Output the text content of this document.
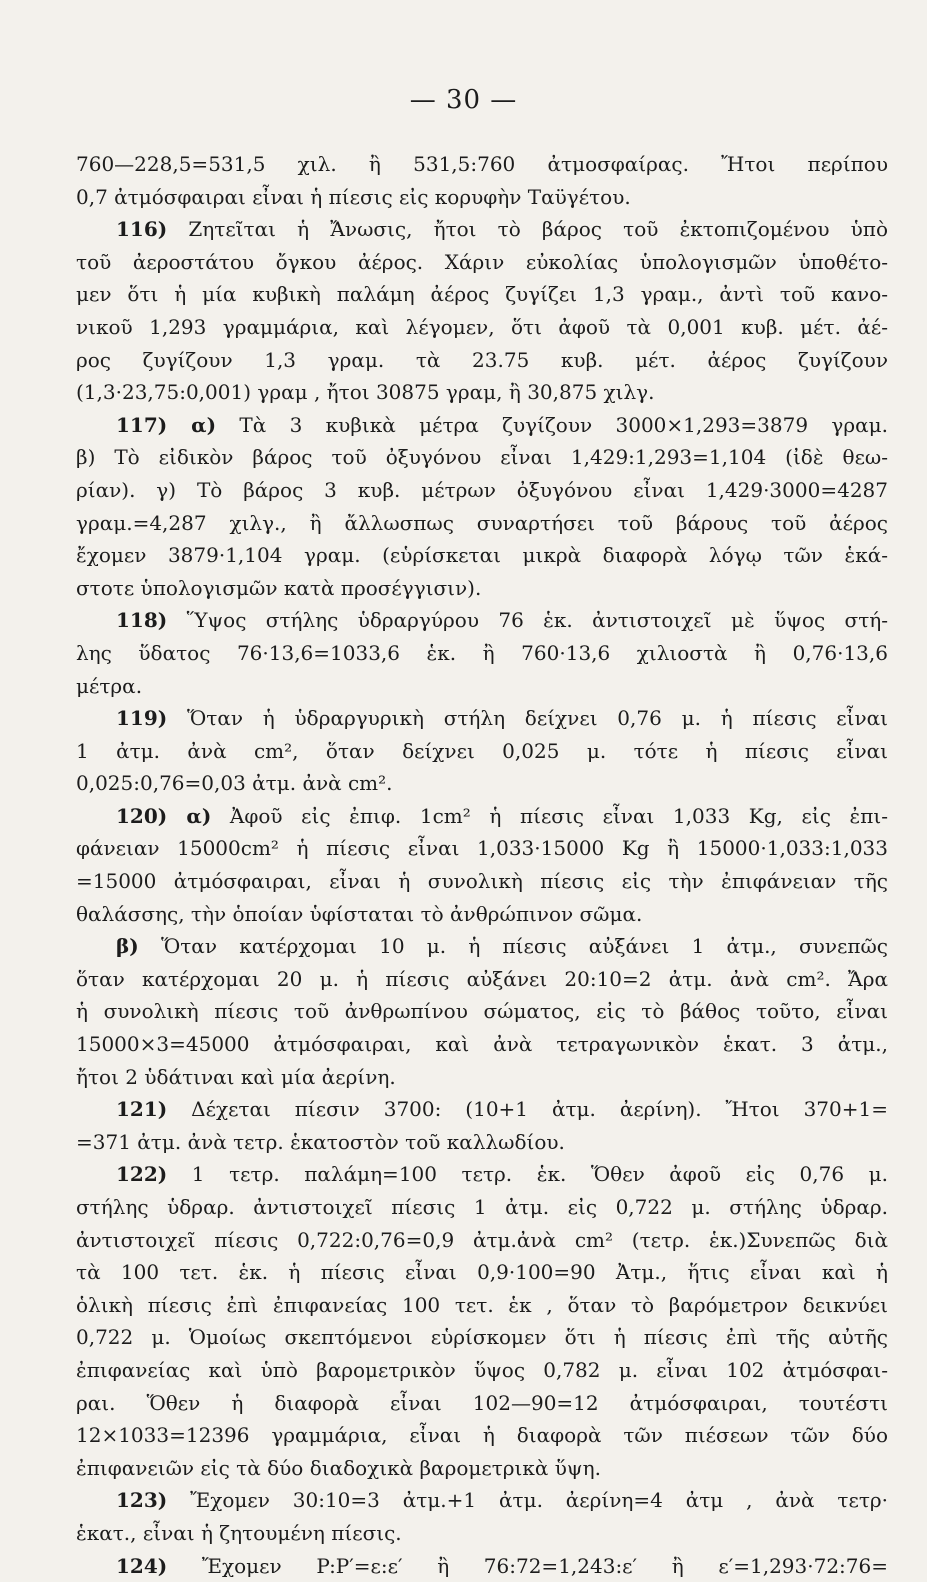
— 30 —
760—228,5=531,5 χιλ. ἢ 531,5:760 ἀτμοσφαίρας. Ἤτοι περίπου
0,7 ἀτμόσφαιραι εἶναι ἡ πίεσις εἰς κορυφὴν Ταϋγέτου.
116) Ζητεῖται ἡ Ἄνωσις, ἤτοι τὸ βάρος τοῦ ἐκτοπιζομένου ὑπὸ
τοῦ ἀεροστάτου ὄγκου ἀέρος. Χάριν εὐκολίας ὑπολογισμῶν ὑποθέτο-
μεν ὅτι ἡ μία κυβικὴ παλάμη ἀέρος ζυγίζει 1,3 γραμ., ἀντὶ τοῦ κανο-
νικοῦ 1,293 γραμμάρια, καὶ λέγομεν, ὅτι ἀφοῦ τὰ 0,001 κυβ. μέτ. ἀέ-
ρος ζυγίζουν 1,3 γραμ. τὰ 23.75 κυβ. μέτ. ἀέρος ζυγίζουν
(1,3·23,75:0,001) γραμ , ἤτοι 30875 γραμ, ἢ 30,875 χιλγ.
117) α) Τὰ 3 κυβικὰ μέτρα ζυγίζουν 3000×1,293=3879 γραμ.
β) Τὸ εἰδικὸν βάρος τοῦ ὀξυγόνου εἶναι 1,429:1,293=1,104 (ἰδὲ θεω-
ρίαν). γ) Τὸ βάρος 3 κυβ. μέτρων ὀξυγόνου εἶναι 1,429·3000=4287
γραμ.=4,287 χιλγ., ἢ ἄλλωσπως συναρτήσει τοῦ βάρους τοῦ ἀέρος
ἔχομεν 3879·1,104 γραμ. (εὑρίσκεται μικρὰ διαφορὰ λόγῳ τῶν ἑκά-
στοτε ὑπολογισμῶν κατὰ προσέγγισιν).
118) Ὕψος στήλης ὑδραργύρου 76 ἑκ. ἀντιστοιχεῖ μὲ ὕψος στή-
λης ὕδατος 76·13,6=1033,6 ἑκ. ἢ 760·13,6 χιλιοστὰ ἢ 0,76·13,6
μέτρα.
119) Ὅταν ἡ ὑδραργυρικὴ στήλη δείχνει 0,76 μ. ἡ πίεσις εἶναι
1 ἀτμ. ἀνὰ cm², ὅταν δείχνει 0,025 μ. τότε ἡ πίεσις εἶναι
0,025:0,76=0,03 ἀτμ. ἀνὰ cm².
120) α) Ἀφοῦ εἰς ἐπιφ. 1cm² ἡ πίεσις εἶναι 1,033 Kg, εἰς ἐπι-
φάνειαν 15000cm² ἡ πίεσις εἶναι 1,033·15000 Kg ἢ 15000·1,033:1,033
=15000 ἀτμόσφαιραι, εἶναι ἡ συνολικὴ πίεσις εἰς τὴν ἐπιφάνειαν τῆς
θαλάσσης, τὴν ὁποίαν ὑφίσταται τὸ ἀνθρώπινον σῶμα.
β) Ὅταν κατέρχομαι 10 μ. ἡ πίεσις αὐξάνει 1 ἀτμ., συνεπῶς
ὅταν κατέρχομαι 20 μ. ἡ πίεσις αὐξάνει 20:10=2 ἀτμ. ἀνὰ cm². Ἄρα
ἡ συνολικὴ πίεσις τοῦ ἀνθρωπίνου σώματος, εἰς τὸ βάθος τοῦτο, εἶναι
15000×3=45000 ἀτμόσφαιραι, καὶ ἀνὰ τετραγωνικὸν ἑκατ. 3 ἀτμ.,
ἤτοι 2 ὑδάτιναι καὶ μία ἀερίνη.
121) Δέχεται πίεσιν 3700: (10+1 ἀτμ. ἀερίνη). Ἤτοι 370+1=
=371 ἀτμ. ἀνὰ τετρ. ἑκατοστὸν τοῦ καλλωδίου.
122) 1 τετρ. παλάμη=100 τετρ. ἑκ. Ὅθεν ἀφοῦ εἰς 0,76 μ.
στήλης ὑδραρ. ἀντιστοιχεῖ πίεσις 1 ἀτμ. εἰς 0,722 μ. στήλης ὑδραρ.
ἀντιστοιχεῖ πίεσις 0,722:0,76=0,9 ἀτμ.ἀνὰ cm² (τετρ. ἑκ.)Συνεπῶς διὰ
τὰ 100 τετ. ἑκ. ἡ πίεσις εἶναι 0,9·100=90 Ἀτμ., ἥτις εἶναι καὶ ἡ
ὁλικὴ πίεσις ἐπὶ ἐπιφανείας 100 τετ. ἑκ , ὅταν τὸ βαρόμετρον δεικνύει
0,722 μ. Ὁμοίως σκεπτόμενοι εὑρίσκομεν ὅτι ἡ πίεσις ἐπὶ τῆς αὐτῆς
ἐπιφανείας καὶ ὑπὸ βαρομετρικὸν ὕψος 0,782 μ. εἶναι 102 ἀτμόσφαι-
ραι. Ὅθεν ἡ διαφορὰ εἶναι 102—90=12 ἀτμόσφαιραι, τουτέστι
12×1033=12396 γραμμάρια, εἶναι ἡ διαφορὰ τῶν πιέσεων τῶν δύο
ἐπιφανειῶν εἰς τὰ δύο διαδοχικὰ βαρομετρικὰ ὕψη.
123) Ἔχομεν 30:10=3 ἀτμ.+1 ἀτμ. ἀερίνη=4 ἀτμ , ἀνὰ τετρ·
ἑκατ., εἶναι ἡ ζητουμένη πίεσις.
124) Ἔχομεν P:P′=ε:ε′ ἢ 76:72=1,243:ε′ ἢ ε′=1,293·72:76=
